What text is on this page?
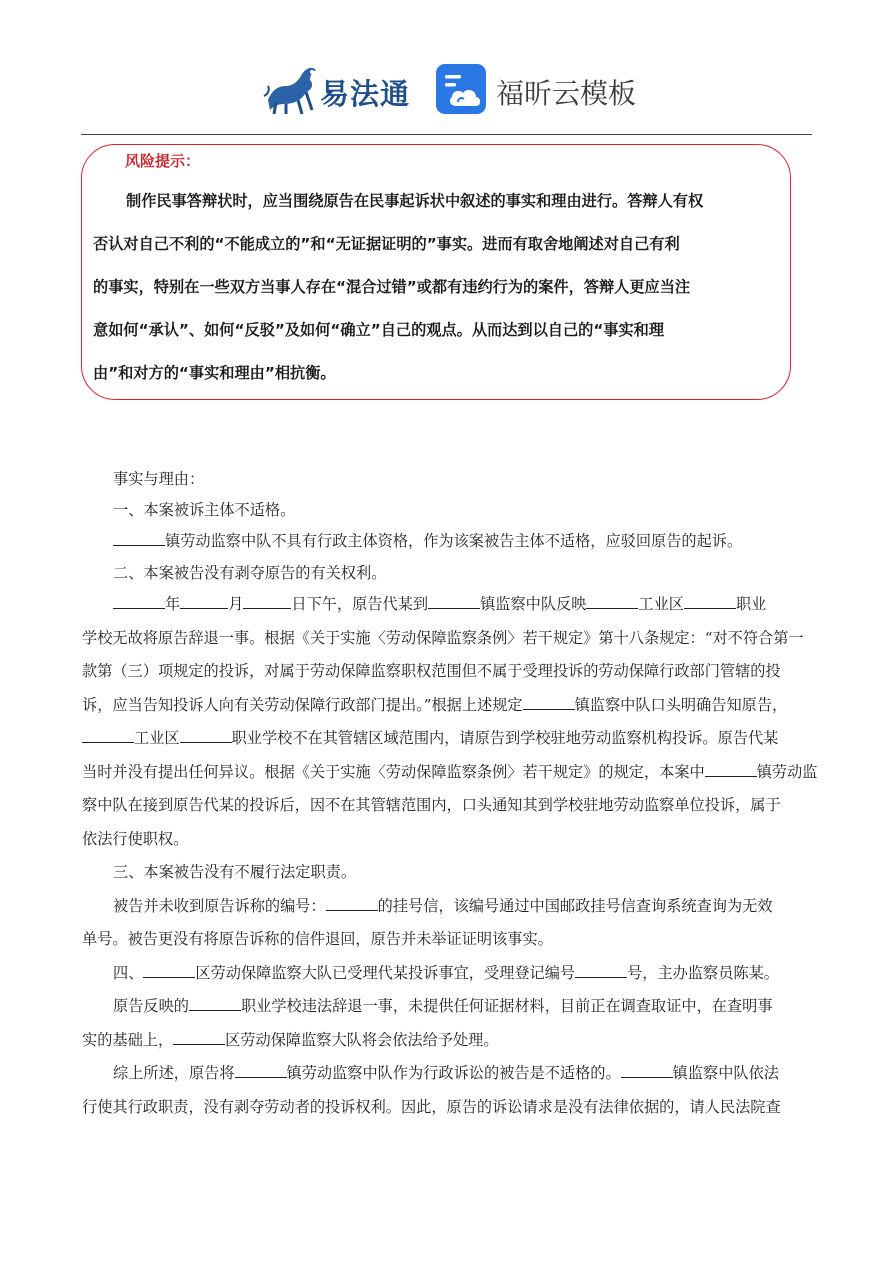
易法通	福昕云模板
风险提示：
制作民事答辩状时，应当围绕原告在民事起诉状中叙述的事实和理由进行。答辩人有权
否认对自己不利的“不能成立的”和“无证据证明的”事实。进而有取舍地阐述对自己有利
的事实，特别在一些双方当事人存在“混合过错”或都有违约行为的案件，答辩人更应当注
意如何“承认”、如何“反驳”及如何“确立”自己的观点。从而达到以自己的“事实和理
由”和对方的“事实和理由”相抗衡。
事实与理由：
一、本案被诉主体不适格。
镇劳动监察中队不具有行政主体资格，作为该案被告主体不适格，应驳回原告的起诉。
二、本案被告没有剥夺原告的有关权利。
年	月	日下午，原告代某到	镇监察中队反映	工业区	职业
学校无故将原告辞退一事。根据《关于实施〈劳动保障监察条例〉若干规定》第十八条规定：“对不符合第一
款第（三）项规定的投诉，对属于劳动保障监察职权范围但不属于受理投诉的劳动保障行政部门管辖的投
诉，应当告知投诉人向有关劳动保障行政部门提出。”根据上述规定	镇监察中队口头明确告知原告，
工业区	职业学校不在其管辖区域范围内，请原告到学校驻地劳动监察机构投诉。原告代某
当时并没有提出任何异议。根据《关于实施〈劳动保障监察条例〉若干规定》的规定，本案中	镇劳动监
察中队在接到原告代某的投诉后，因不在其管辖范围内，口头通知其到学校驻地劳动监察单位投诉，属于
依法行使职权。
三、本案被告没有不履行法定职责。
被告并未收到原告诉称的编号：	的挂号信，该编号通过中国邮政挂号信查询系统查询为无效
单号。被告更没有将原告诉称的信件退回，原告并未举证证明该事实。
四、	区劳动保障监察大队已受理代某投诉事宜，受理登记编号	号，主办监察员陈某。
原告反映的	职业学校违法辞退一事，未提供任何证据材料，目前正在调查取证中，在查明事
实的基础上，	区劳动保障监察大队将会依法给予处理。
综上所述，原告将	镇劳动监察中队作为行政诉讼的被告是不适格的。	镇监察中队依法
行使其行政职责，没有剥夺劳动者的投诉权利。因此，原告的诉讼请求是没有法律依据的，请人民法院查
